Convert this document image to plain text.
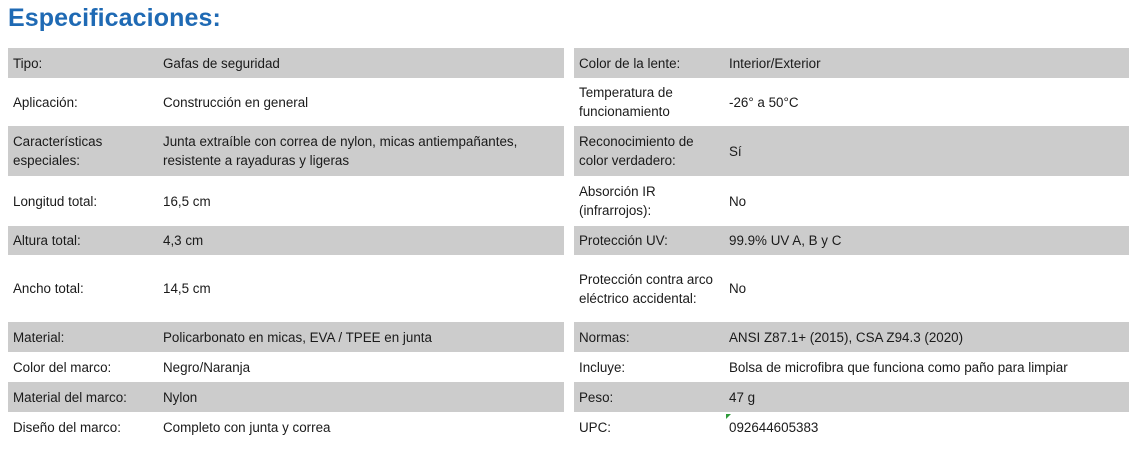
Especificaciones:
Tipo:	Gafas de seguridad
Aplicación:	Construcción en general
Características especiales:	Junta extraíble con correa de nylon, micas antiempañantes, resistente a rayaduras y ligeras
Longitud total:	16,5 cm
Altura total:	4,3 cm
Ancho total:	14,5 cm
Material:	Policarbonato en micas, EVA / TPEE en junta
Color del marco:	Negro/Naranja
Material del marco:	Nylon
Diseño del marco:	Completo con junta y correa
Color de la lente:	Interior/Exterior
Temperatura de funcionamiento	-26° a 50°C
Reconocimiento de color verdadero:	Sí
Absorción IR (infrarrojos):	No
Protección UV:	99.9% UV A, B y C
Protección contra arco eléctrico accidental:	No
Normas:	ANSI Z87.1+ (2015), CSA Z94.3 (2020)
Incluye:	Bolsa de microfibra que funciona como paño para limpiar
Peso:	47 g
UPC:	092644605383
